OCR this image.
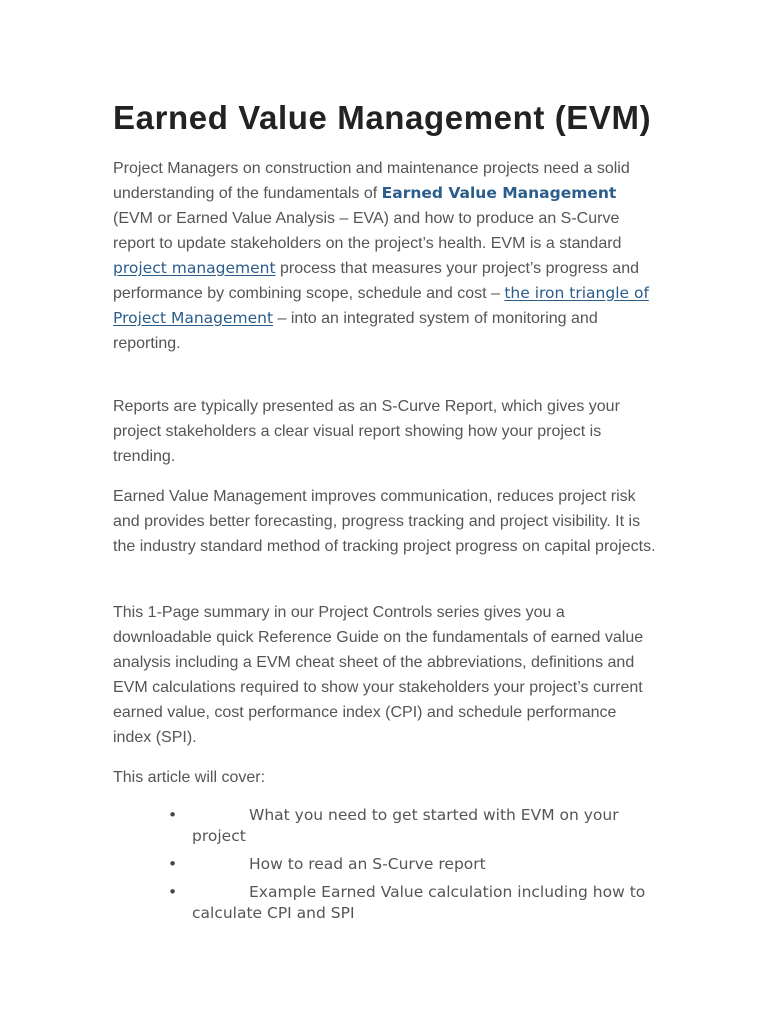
Earned Value Management (EVM)

Project Managers on construction and maintenance projects need a solid understanding of the fundamentals of Earned Value Management (EVM or Earned Value Analysis – EVA) and how to produce an S-Curve report to update stakeholders on the project’s health. EVM is a standard project management process that measures your project’s progress and performance by combining scope, schedule and cost – the iron triangle of Project Management – into an integrated system of monitoring and reporting.

Reports are typically presented as an S-Curve Report, which gives your project stakeholders a clear visual report showing how your project is trending.

Earned Value Management improves communication, reduces project risk and provides better forecasting, progress tracking and project visibility. It is the industry standard method of tracking project progress on capital projects.

This 1-Page summary in our Project Controls series gives you a downloadable quick Reference Guide on the fundamentals of earned value analysis including a EVM cheat sheet of the abbreviations, definitions and EVM calculations required to show your stakeholders your project’s current earned value, cost performance index (CPI) and schedule performance index (SPI).

This article will cover:

•	What you need to get started with EVM on your project
•	How to read an S-Curve report
•	Example Earned Value calculation including how to calculate CPI and SPI
